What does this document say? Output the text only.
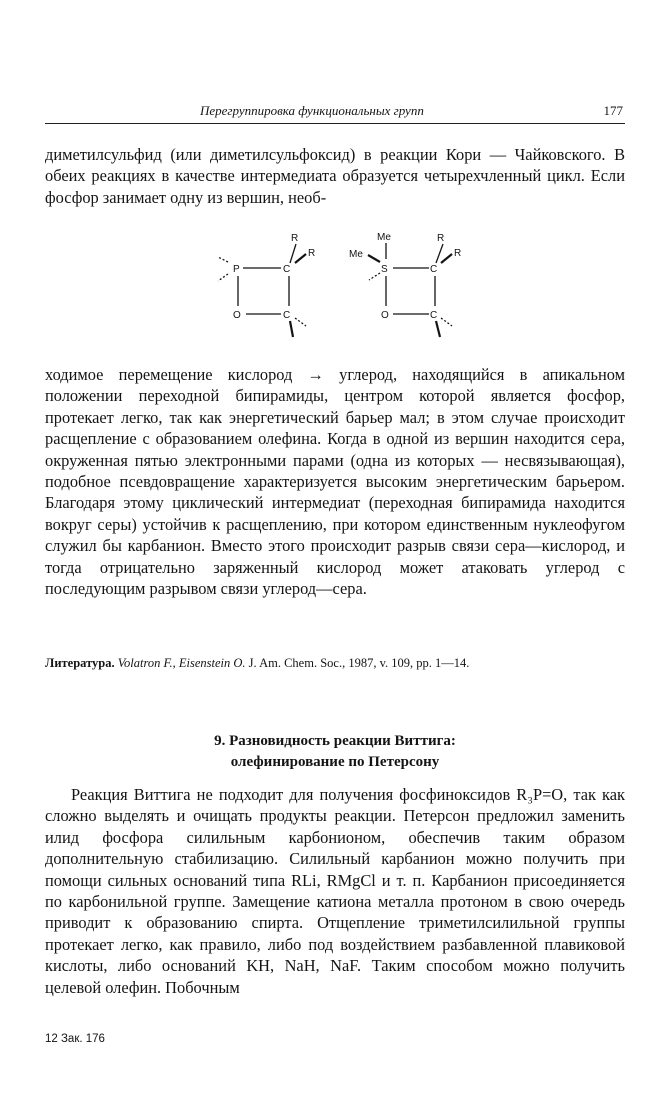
Перегруппировка функциональных групп	177

диметилсульфид (или диметилсульфоксид) в реакции Кори — Чайковского. В обеих реакциях в качестве интермедиата образуется четырехчленный цикл. Если фосфор занимает одну из вершин, необ-

P	C
O	C
R
R
S	C
O	C
Me
Me
R
R

ходимое перемещение кислород → углерод, находящийся в апикальном положении переходной бипирамиды, центром которой является фосфор, протекает легко, так как энергетический барьер мал; в этом случае происходит расщепление с образованием олефина. Когда в одной из вершин находится сера, окруженная пятью электронными парами (одна из которых — несвязывающая), подобное псевдовращение характеризуется высоким энергетическим барьером. Благодаря этому циклический интермедиат (переходная бипирамида находится вокруг серы) устойчив к расщеплению, при котором единственным нуклеофугом служил бы карбанион. Вместо этого происходит разрыв связи сера—кислород, и тогда отрицательно заряженный кислород может атаковать углерод с последующим разрывом связи углерод—сера.

Литература. Volatron F., Eisenstein O. J. Am. Chem. Soc., 1987, v. 109, pp. 1—14.

9. Разновидность реакции Виттига:
олефинирование по Петерсону

Реакция Виттига не подходит для получения фосфиноксидов R₃P=O, так как сложно выделять и очищать продукты реакции. Петерсон предложил заменить илид фосфора силильным карбонионом, обеспечив таким образом дополнительную стабилизацию. Силильный карбанион можно получить при помощи сильных оснований типа RLi, RMgCl и т. п. Карбанион присоединяется по карбонильной группе. Замещение катиона металла протоном в свою очередь приводит к образованию спирта. Отщепление триметилсилильной группы протекает легко, как правило, либо под воздействием разбавленной плавиковой кислоты, либо оснований KH, NaH, NaF. Таким способом можно получить целевой олефин. Побочным

12 Зак. 176
